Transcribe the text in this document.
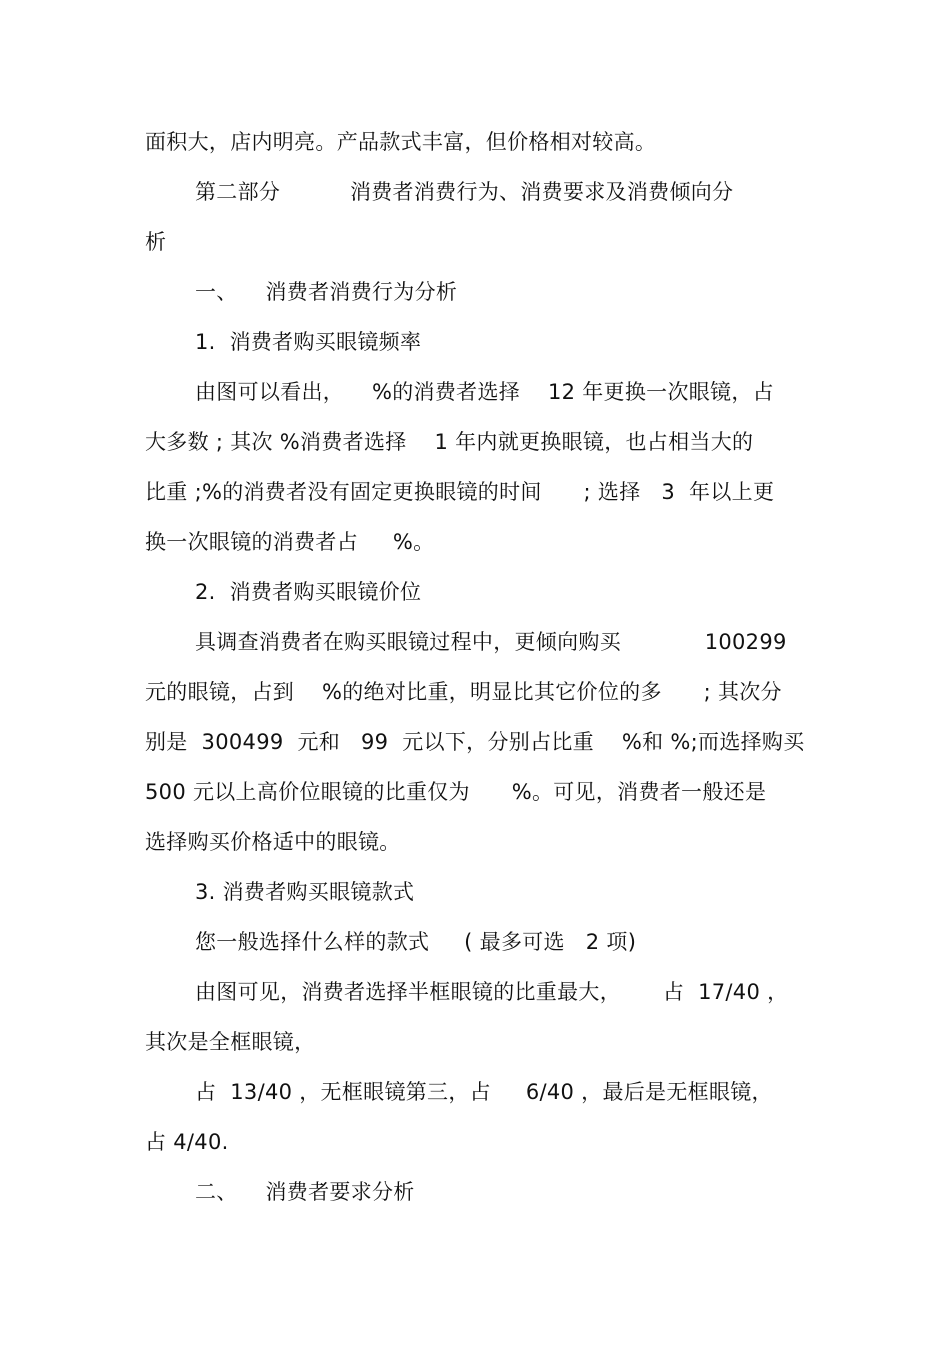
面积大，店内明亮。产品款式丰富，但价格相对较高。
第二部分          消费者消费行为、消费要求及消费倾向分
析
一、    消费者消费行为分析
1.  消费者购买眼镜频率
由图可以看出，    %的消费者选择    12 年更换一次眼镜，占
大多数 ; 其次 %消费者选择    1 年内就更换眼镜，也占相当大的
比重 ;%的消费者没有固定更换眼镜的时间      ; 选择   3  年以上更
换一次眼镜的消费者占     %。
2.  消费者购买眼镜价位
具调查消费者在购买眼镜过程中，更倾向购买            100299
元的眼镜，占到    %的绝对比重，明显比其它价位的多      ; 其次分
别是  300499  元和   99  元以下，分别占比重    %和 %;而选择购买
500 元以上高价位眼镜的比重仅为      %。可见，消费者一般还是
选择购买价格适中的眼镜。
3. 消费者购买眼镜款式
您一般选择什么样的款式     ( 最多可选   2 项)
由图可见，消费者选择半框眼镜的比重最大，      占  17/40 ，
其次是全框眼镜，
占  13/40 ，无框眼镜第三，占     6/40 ，最后是无框眼镜，
占 4/40.
二、    消费者要求分析
